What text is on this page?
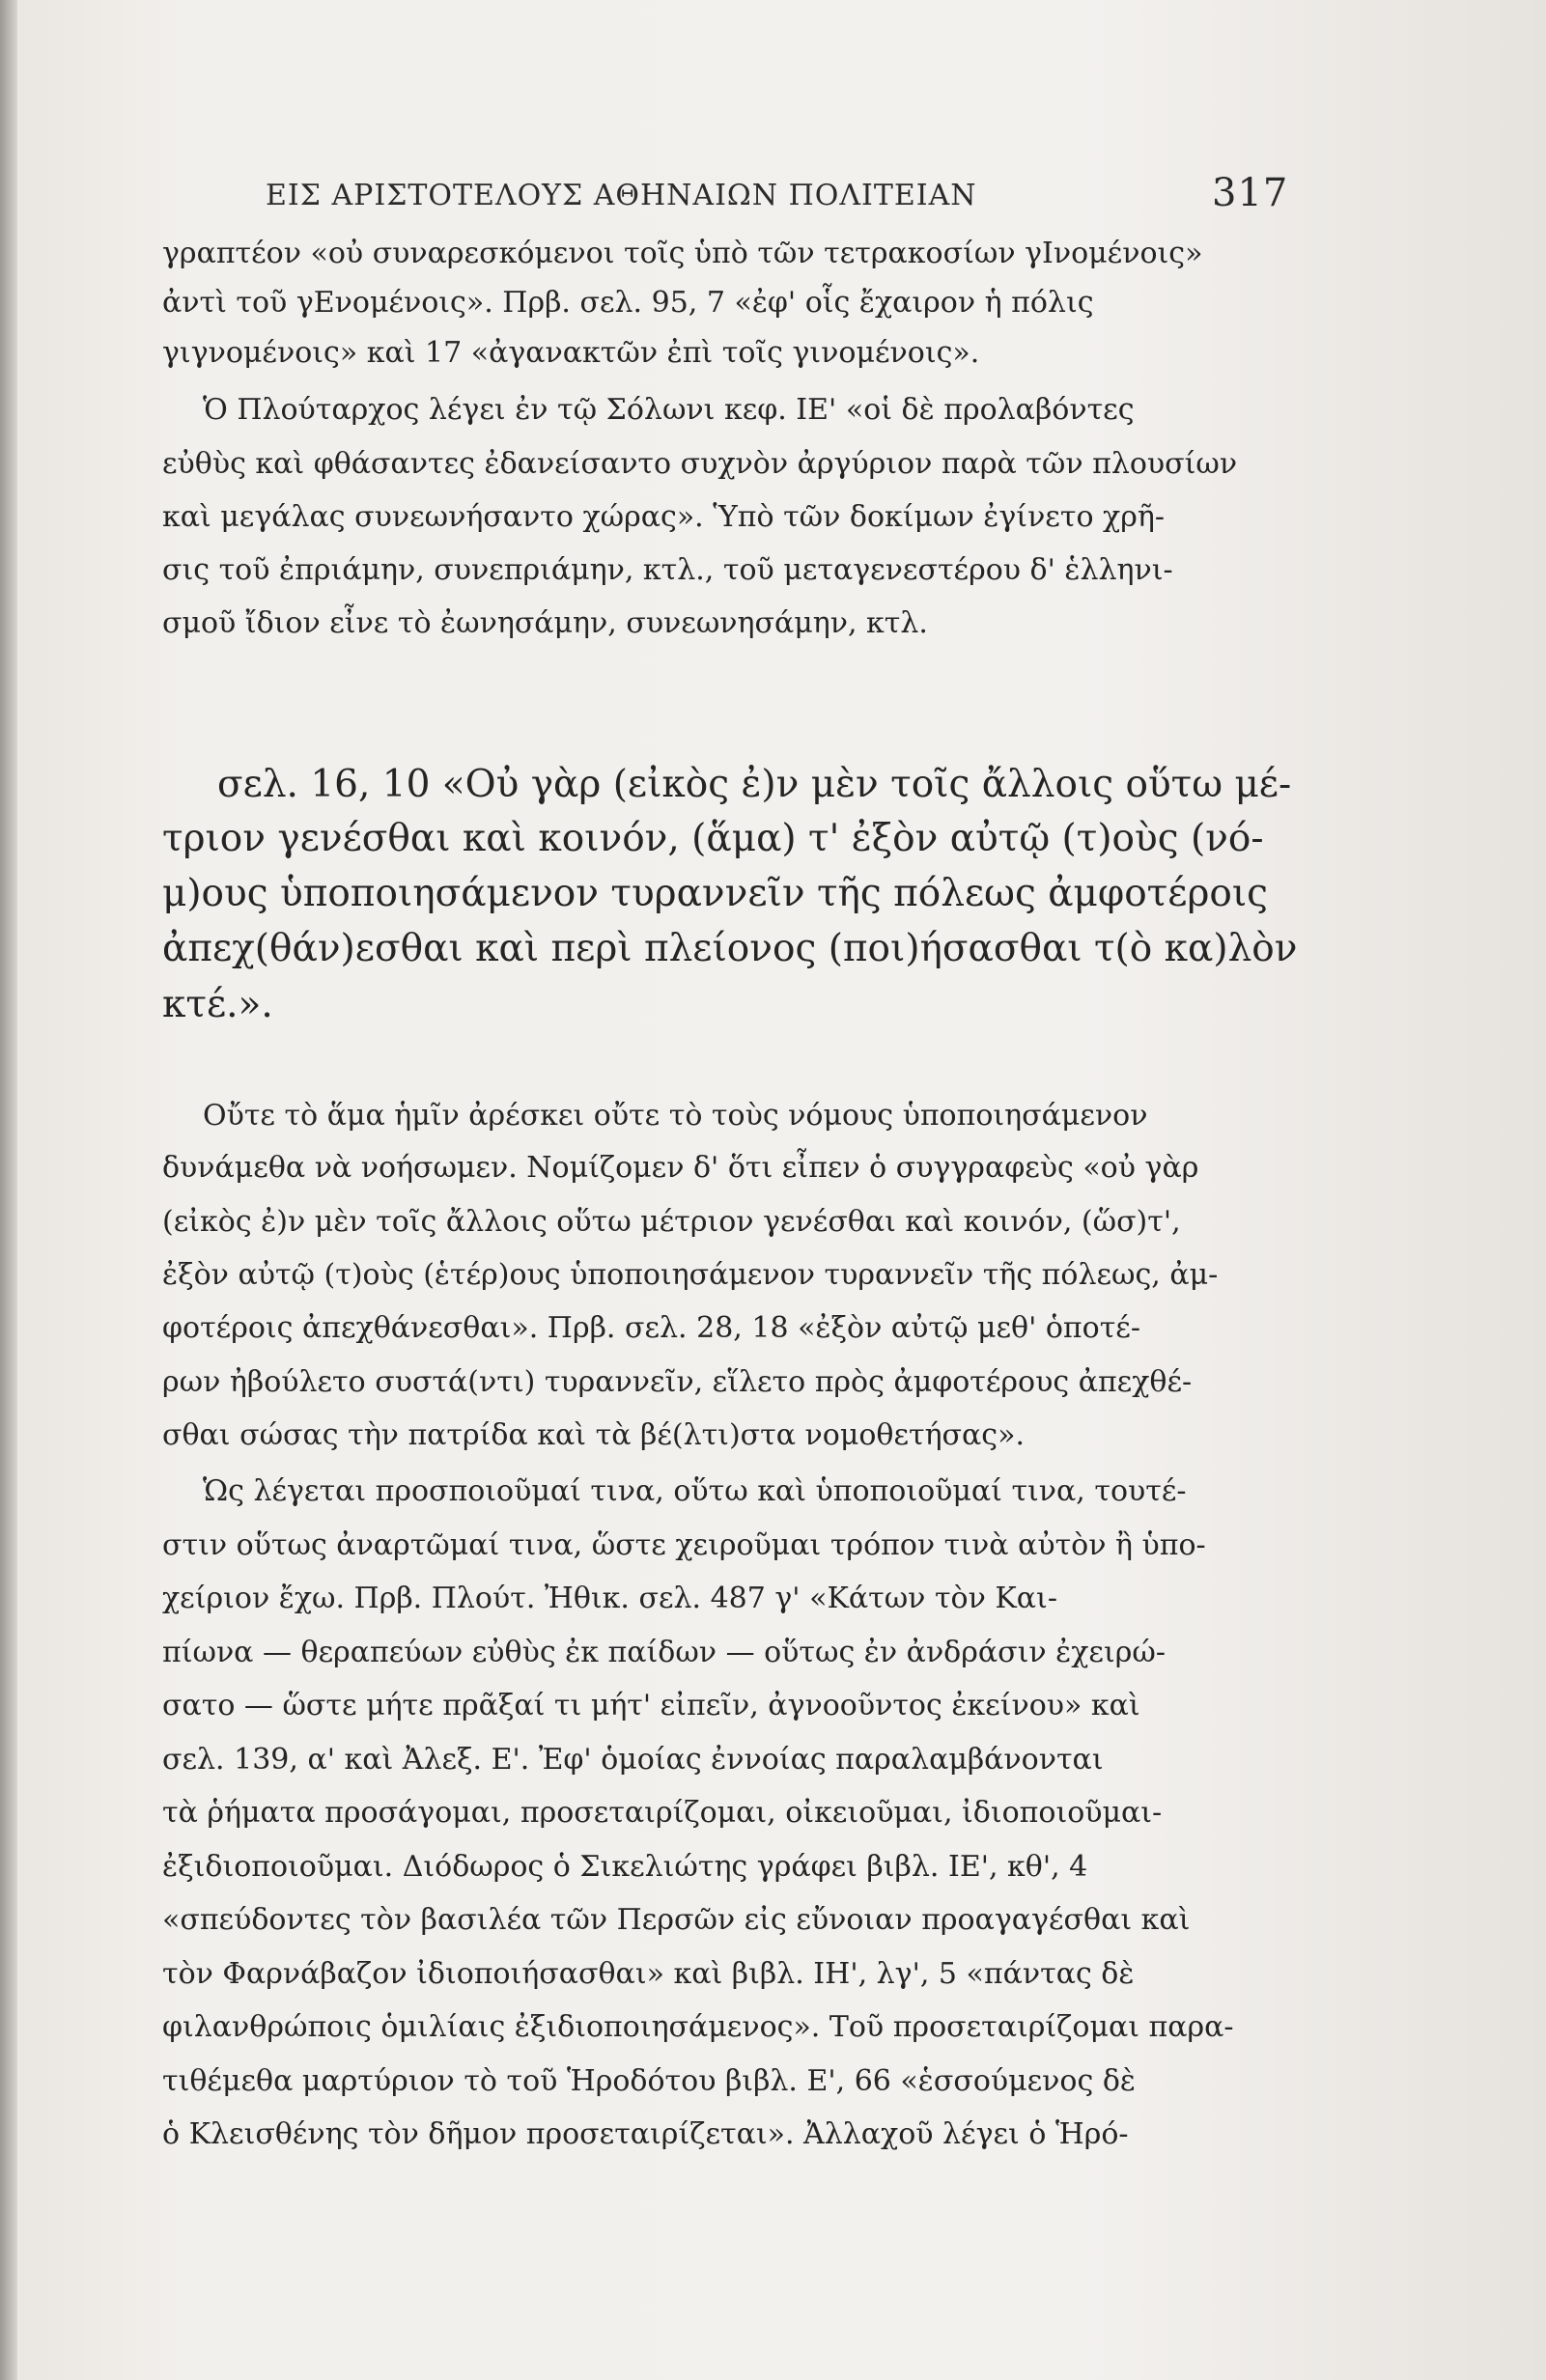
ΕΙΣ ΑΡΙΣΤΟΤΕΛΟΥΣ ΑΘΗΝΑΙΩΝ ΠΟΛΙΤΕΙΑΝ	317
γραπτέον «οὐ συναρεσκόμενοι τοῖς ὑπὸ τῶν τετρακοσίων γΙνομένοις»
ἀντὶ τοῦ γΕνομένοις». Πρβ. σελ. 95, 7 «ἐφ' οἷς ἔχαιρον ἡ πόλις
γιγνομένοις» καὶ 17 «ἀγανακτῶν ἐπὶ τοῖς γινομένοις».
Ὁ Πλούταρχος λέγει ἐν τῷ Σόλωνι κεφ. ΙΕ' «οἱ δὲ προλαβόντες
εὐθὺς καὶ φθάσαντες ἐδανείσαντο συχνὸν ἀργύριον παρὰ τῶν πλουσίων
καὶ μεγάλας συνεωνήσαντο χώρας». Ὑπὸ τῶν δοκίμων ἐγίνετο χρῆ-
σις τοῦ ἐπριάμην, συνεπριάμην, κτλ., τοῦ μεταγενεστέρου δ' ἑλληνι-
σμοῦ ἴδιον εἶνε τὸ ἐωνησάμην, συνεωνησάμην, κτλ.
σελ. 16, 10 «Οὐ γὰρ (εἰκὸς ἐ)ν μὲν τοῖς ἄλλοις οὕτω μέ-
τριον γενέσθαι καὶ κοινόν, (ἅμα) τ' ἐξὸν αὐτῷ (τ)οὺς (νό-
μ)ους ὑποποιησάμενον τυραννεῖν τῆς πόλεως ἀμφοτέροις
ἀπεχ(θάν)εσθαι καὶ περὶ πλείονος (ποι)ήσασθαι τ(ὸ κα)λὸν
κτέ.».
Οὔτε τὸ ἅμα ἡμῖν ἀρέσκει οὔτε τὸ τοὺς νόμους ὑποποιησάμενον
δυνάμεθα νὰ νοήσωμεν. Νομίζομεν δ' ὅτι εἶπεν ὁ συγγραφεὺς «οὐ γὰρ
(εἰκὸς ἐ)ν μὲν τοῖς ἄλλοις οὕτω μέτριον γενέσθαι καὶ κοινόν, (ὥσ)τ',
ἐξὸν αὐτῷ (τ)οὺς (ἑτέρ)ους ὑποποιησάμενον τυραννεῖν τῆς πόλεως, ἀμ-
φοτέροις ἀπεχθάνεσθαι». Πρβ. σελ. 28, 18 «ἐξὸν αὐτῷ μεθ' ὁποτέ-
ρων ἠβούλετο συστά(ντι) τυραννεῖν, εἵλετο πρὸς ἀμφοτέρους ἀπεχθέ-
σθαι σώσας τὴν πατρίδα καὶ τὰ βέ(λτι)στα νομοθετήσας».
Ὡς λέγεται προσποιοῦμαί τινα, οὕτω καὶ ὑποποιοῦμαί τινα, τουτέ-
στιν οὕτως ἀναρτῶμαί τινα, ὥστε χειροῦμαι τρόπον τινὰ αὐτὸν ἢ ὑπο-
χείριον ἔχω. Πρβ. Πλούτ. Ἠθικ. σελ. 487 γ' «Κάτων τὸν Και-
πίωνα — θεραπεύων εὐθὺς ἐκ παίδων — οὕτως ἐν ἀνδράσιν ἐχειρώ-
σατο — ὥστε μήτε πρᾶξαί τι μήτ' εἰπεῖν, ἀγνοοῦντος ἐκείνου» καὶ
σελ. 139, α' καὶ Ἀλεξ. Ε'. Ἐφ' ὁμοίας ἐννοίας παραλαμβάνονται
τὰ ῥήματα προσάγομαι, προσεταιρίζομαι, οἰκειοῦμαι, ἰδιοποιοῦμαι-
ἐξιδιοποιοῦμαι. Διόδωρος ὁ Σικελιώτης γράφει βιβλ. ΙΕ', κθ', 4
«σπεύδοντες τὸν βασιλέα τῶν Περσῶν εἰς εὔνοιαν προαγαγέσθαι καὶ
τὸν Φαρνάβαζον ἰδιοποιήσασθαι» καὶ βιβλ. ΙΗ', λγ', 5 «πάντας δὲ
φιλανθρώποις ὁμιλίαις ἐξιδιοποιησάμενος». Τοῦ προσεταιρίζομαι παρα-
τιθέμεθα μαρτύριον τὸ τοῦ Ἡροδότου βιβλ. Ε', 66 «ἑσσούμενος δὲ
ὁ Κλεισθένης τὸν δῆμον προσεταιρίζεται». Ἀλλαχοῦ λέγει ὁ Ἡρό-
